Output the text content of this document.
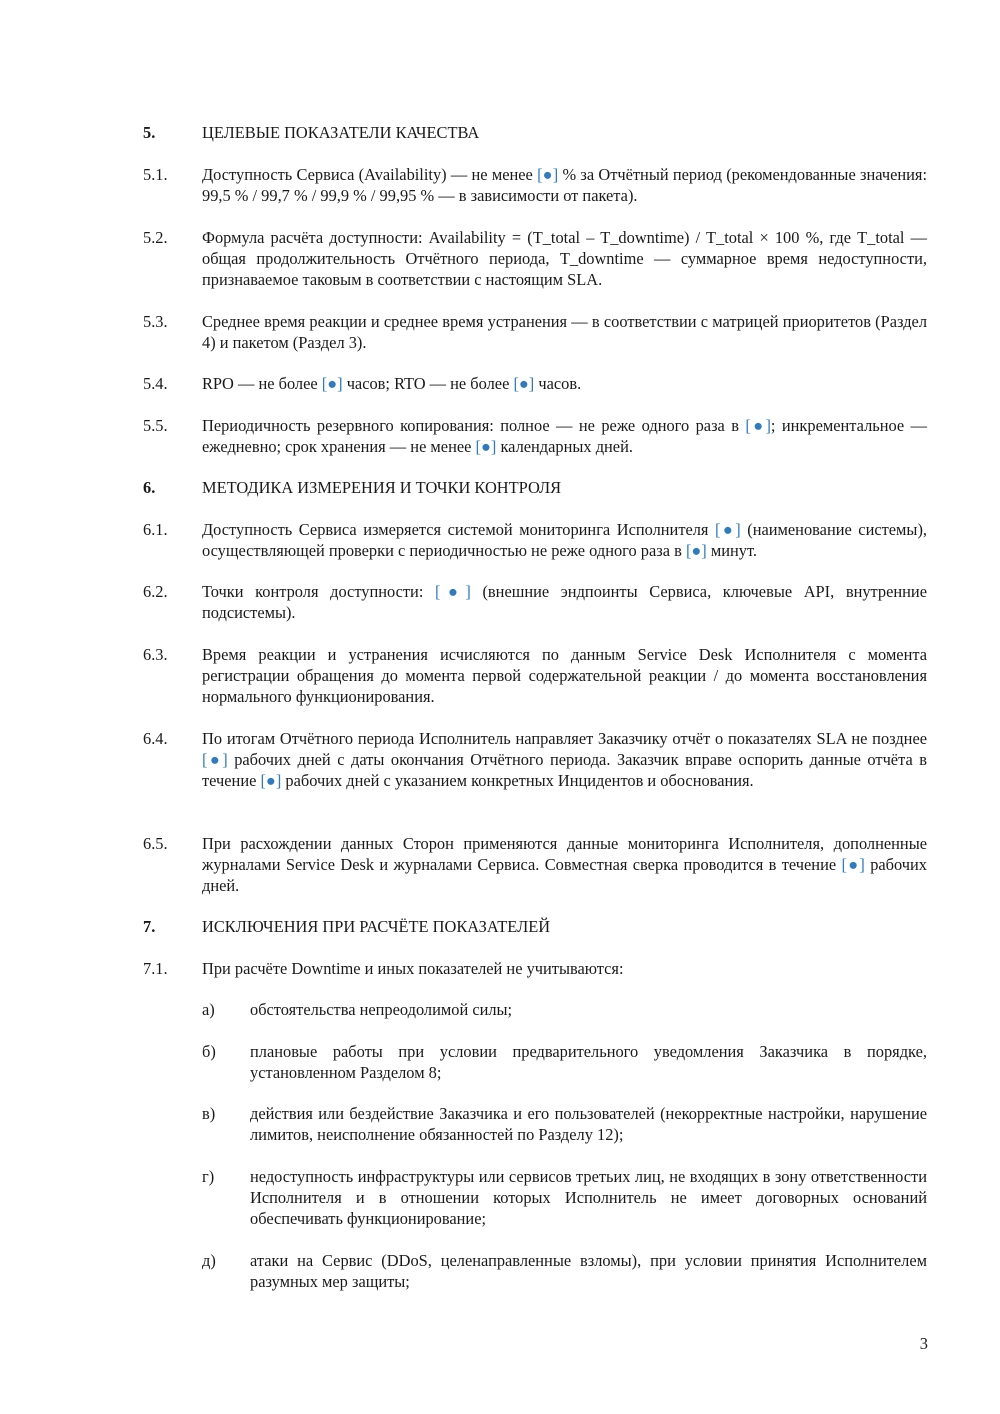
5.	ЦЕЛЕВЫЕ ПОКАЗАТЕЛИ КАЧЕСТВА
5.1. Доступность Сервиса (Availability) — не менее [●] % за Отчётный период (рекомендованные значения: 99,5 % / 99,7 % / 99,9 % / 99,95 % — в зависимости от пакета).
5.2. Формула расчёта доступности: Availability = (T_total – T_downtime) / T_total × 100 %, где T_total — общая продолжительность Отчётного периода, T_downtime — суммарное время недоступности, признаваемое таковым в соответствии с настоящим SLA.
5.3. Среднее время реакции и среднее время устранения — в соответствии с матрицей приоритетов (Раздел 4) и пакетом (Раздел 3).
5.4. RPO — не более [●] часов; RTO — не более [●] часов.
5.5. Периодичность резервного копирования: полное — не реже одного раза в [●]; инкрементальное — ежедневно; срок хранения — не менее [●] календарных дней.
6.	МЕТОДИКА ИЗМЕРЕНИЯ И ТОЧКИ КОНТРОЛЯ
6.1. Доступность Сервиса измеряется системой мониторинга Исполнителя [●] (наименование системы), осуществляющей проверки с периодичностью не реже одного раза в [●] минут.
6.2. Точки контроля доступности: [●] (внешние эндпоинты Сервиса, ключевые API, внутренние подсистемы).
6.3. Время реакции и устранения исчисляются по данным Service Desk Исполнителя с момента регистрации обращения до момента первой содержательной реакции / до момента восстановления нормального функционирования.
6.4. По итогам Отчётного периода Исполнитель направляет Заказчику отчёт о показателях SLA не позднее [●] рабочих дней с даты окончания Отчётного периода. Заказчик вправе оспорить данные отчёта в течение [●] рабочих дней с указанием конкретных Инцидентов и обоснования.
6.5. При расхождении данных Сторон применяются данные мониторинга Исполнителя, дополненные журналами Service Desk и журналами Сервиса. Совместная сверка проводится в течение [●] рабочих дней.
7.	ИСКЛЮЧЕНИЯ ПРИ РАСЧЁТЕ ПОКАЗАТЕЛЕЙ
7.1. При расчёте Downtime и иных показателей не учитываются:
а) обстоятельства непреодолимой силы;
б) плановые работы при условии предварительного уведомления Заказчика в порядке, установленном Разделом 8;
в) действия или бездействие Заказчика и его пользователей (некорректные настройки, нарушение лимитов, неисполнение обязанностей по Разделу 12);
г) недоступность инфраструктуры или сервисов третьих лиц, не входящих в зону ответственности Исполнителя и в отношении которых Исполнитель не имеет договорных оснований обеспечивать функционирование;
д) атаки на Сервис (DDoS, целенаправленные взломы), при условии принятия Исполнителем разумных мер защиты;
3
